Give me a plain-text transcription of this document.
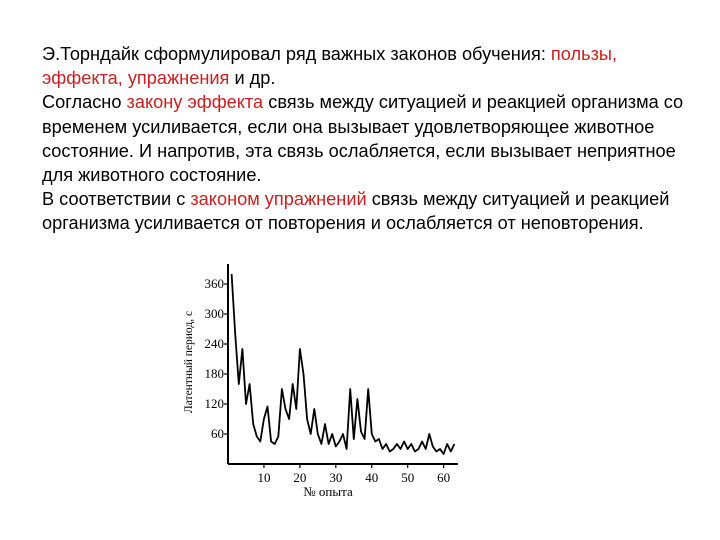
Э.Торндайк сформулировал ряд важных законов обучения: пользы, эффекта, упражнения и др.
Согласно закону эффекта связь между ситуацией и реакцией организма со временем усиливается, если она вызывает удовлетворяющее животное состояние. И напротив, эта связь ослабляется, если вызывает неприятное для животного состояние.
В соответствии с законом упражнений связь между ситуацией и реакцией организма усиливается от повторения и ослабляется от неповторения.
60
120
180
240
300
360
10 20 30 40 50 60
Латентный период, с
№ опыта
